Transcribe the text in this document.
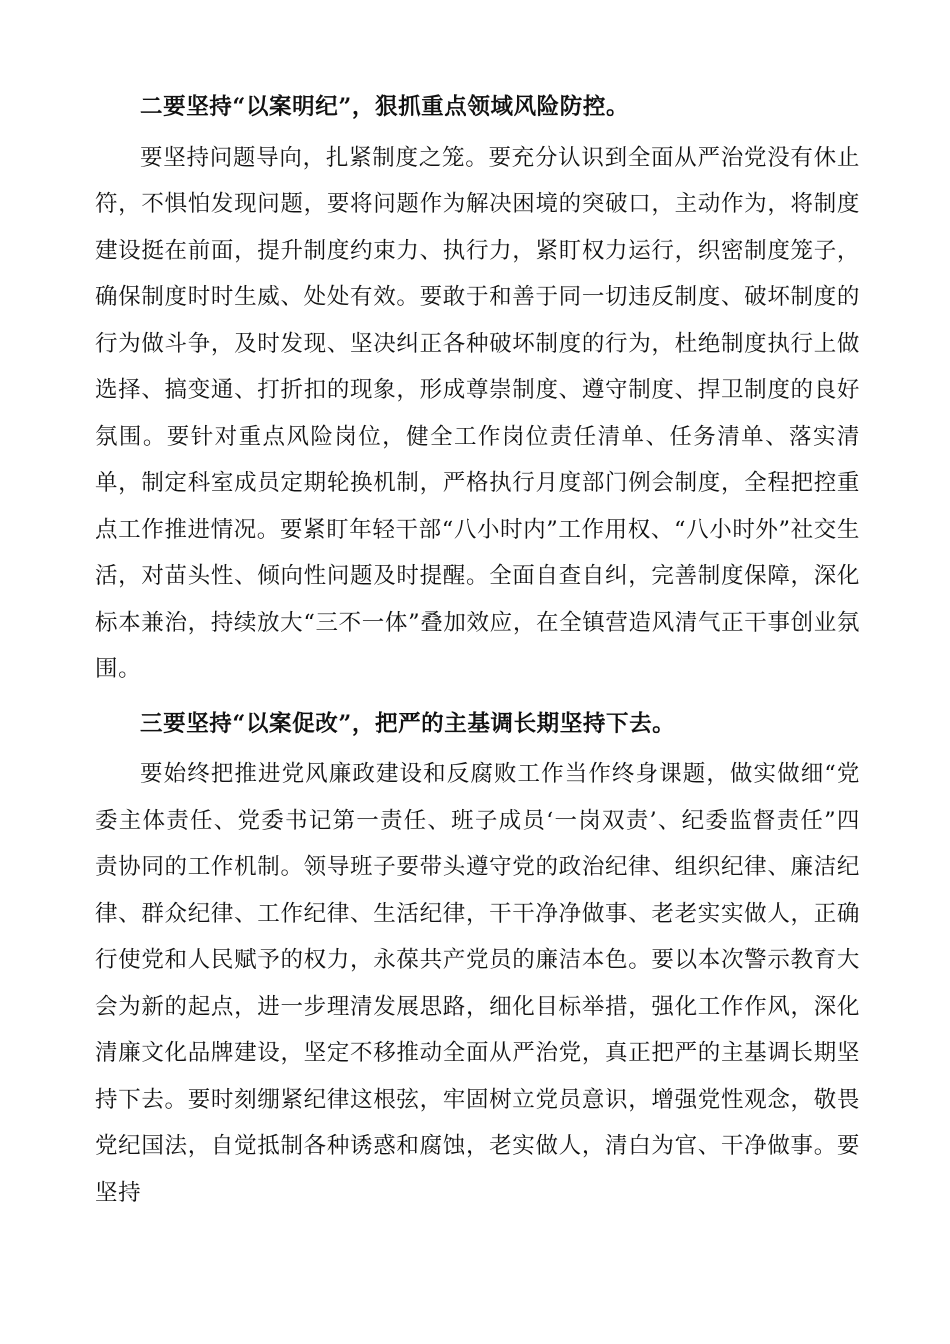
二要坚持“以案明纪”，狠抓重点领域风险防控。

要坚持问题导向，扎紧制度之笼。要充分认识到全面从严治党没有休止符，不惧怕发现问题，要将问题作为解决困境的突破口，主动作为，将制度建设挺在前面，提升制度约束力、执行力，紧盯权力运行，织密制度笼子，确保制度时时生威、处处有效。要敢于和善于同一切违反制度、破坏制度的行为做斗争，及时发现、坚决纠正各种破坏制度的行为，杜绝制度执行上做选择、搞变通、打折扣的现象，形成尊崇制度、遵守制度、捍卫制度的良好氛围。要针对重点风险岗位，健全工作岗位责任清单、任务清单、落实清单，制定科室成员定期轮换机制，严格执行月度部门例会制度，全程把控重点工作推进情况。要紧盯年轻干部“八小时内”工作用权、“八小时外”社交生活，对苗头性、倾向性问题及时提醒。全面自查自纠，完善制度保障，深化标本兼治，持续放大“三不一体”叠加效应，在全镇营造风清气正干事创业氛围。

三要坚持“以案促改”，把严的主基调长期坚持下去。

要始终把推进党风廉政建设和反腐败工作当作终身课题，做实做细“党委主体责任、党委书记第一责任、班子成员‘一岗双责’、纪委监督责任”四责协同的工作机制。领导班子要带头遵守党的政治纪律、组织纪律、廉洁纪律、群众纪律、工作纪律、生活纪律，干干净净做事、老老实实做人，正确行使党和人民赋予的权力，永葆共产党员的廉洁本色。要以本次警示教育大会为新的起点，进一步理清发展思路，细化目标举措，强化工作作风，深化清廉文化品牌建设，坚定不移推动全面从严治党，真正把严的主基调长期坚持下去。要时刻绷紧纪律这根弦，牢固树立党员意识，增强党性观念，敬畏党纪国法，自觉抵制各种诱惑和腐蚀，老实做人，清白为官、干净做事。要坚持
